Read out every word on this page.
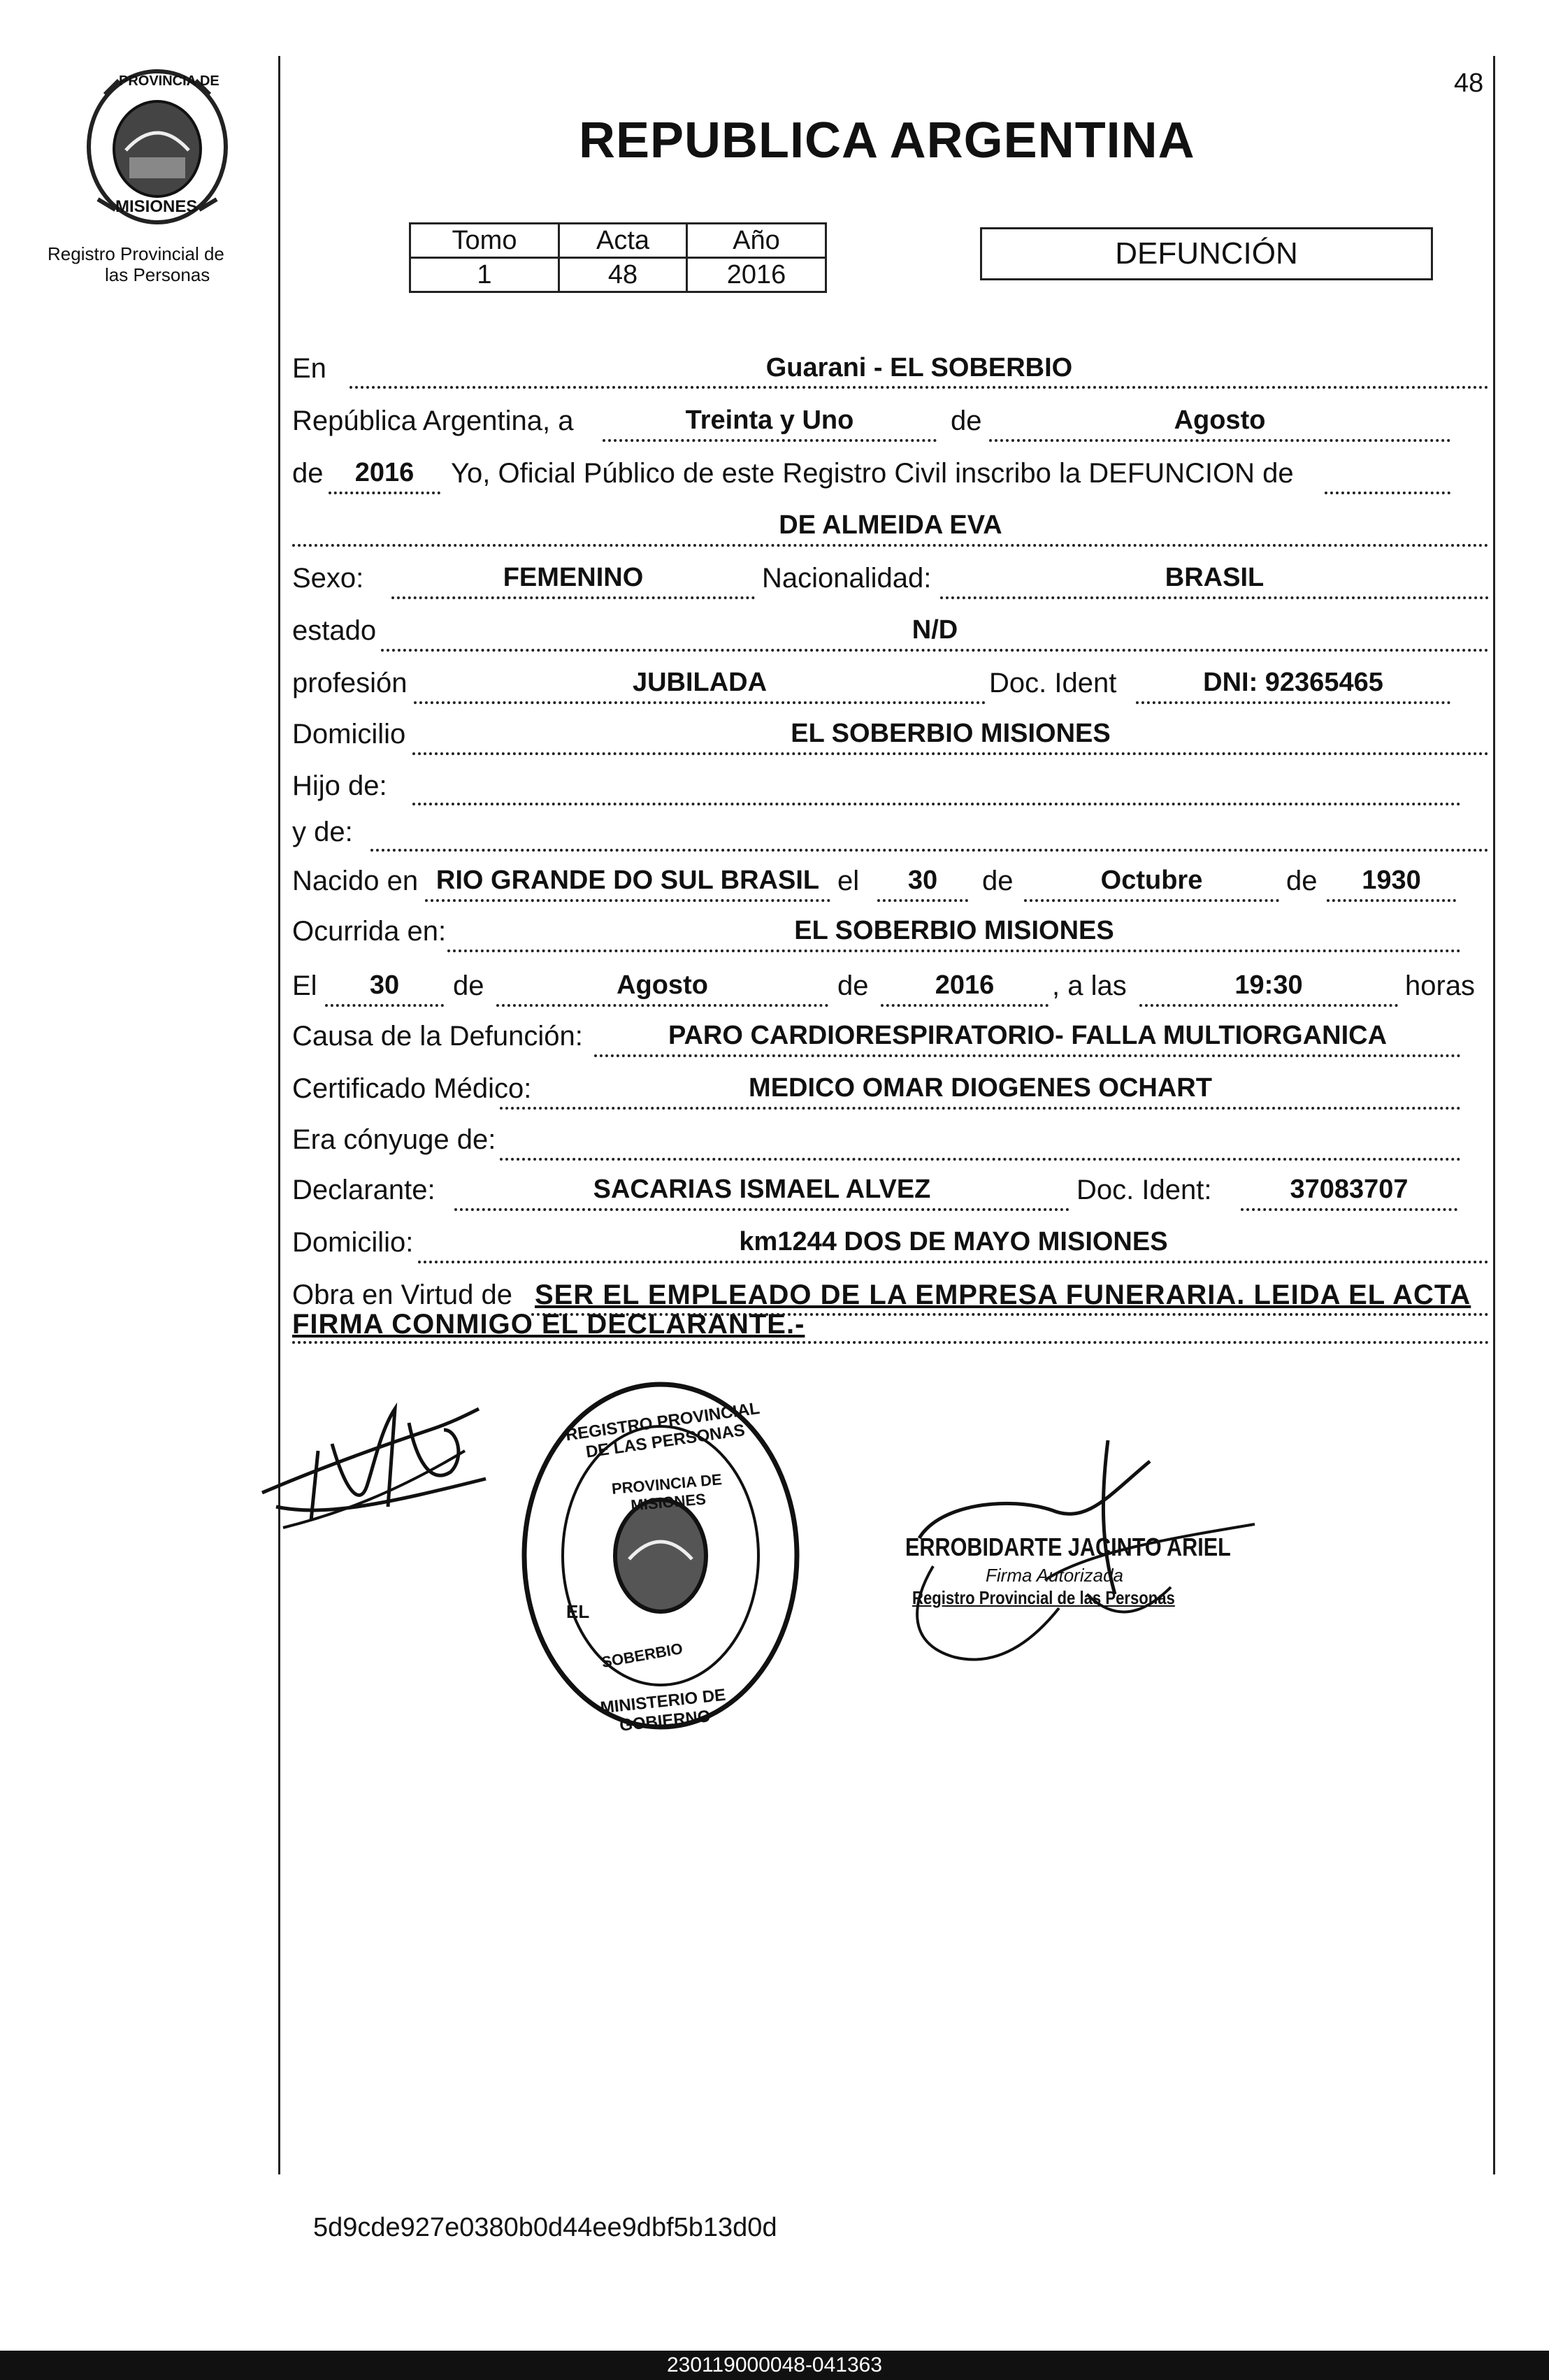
PROVINCIA DE
MISIONES
Registro Provincial de
las Personas
48
REPUBLICA ARGENTINA
Tomo	Acta	Año
1	48	2016
DEFUNCIÓN
En	Guarani - EL SOBERBIO
República Argentina, a	Treinta y Uno	de	Agosto
de	2016	Yo, Oficial Público de este Registro Civil inscribo la DEFUNCION de
DE ALMEIDA EVA
Sexo:	FEMENINO	Nacionalidad:	BRASIL
estado	N/D
profesión	JUBILADA	Doc. Ident	DNI: 92365465
Domicilio	EL SOBERBIO MISIONES
Hijo de:
y de:
Nacido en RIO GRANDE DO SUL BRASIL el	30	de	Octubre	de	1930
Ocurrida en:	EL SOBERBIO MISIONES
El	30	de	Agosto	de	2016	, a las	19:30	horas
Causa de la Defunción:	PARO CARDIORESPIRATORIO- FALLA MULTIORGANICA
Certificado Médico:	MEDICO OMAR DIOGENES OCHART
Era cónyuge de:
Declarante:	SACARIAS ISMAEL ALVEZ	Doc. Ident:	37083707
Domicilio:	km1244 DOS DE MAYO MISIONES
Obra en Virtud de SER EL EMPLEADO DE LA EMPRESA FUNERARIA. LEIDA EL ACTA
FIRMA CONMIGO EL DECLARANTE.-
REGISTRO PROVINCIAL DE LAS PERSONAS
PROVINCIA DE MISIONES
EL
SOBERBIO
MINISTERIO DE GOBIERNO
ERROBIDARTE JACINTO ARIEL
Firma Autorizada
Registro Provincial de las Personas
5d9cde927e0380b0d44ee9dbf5b13d0d
230119000048-041363
